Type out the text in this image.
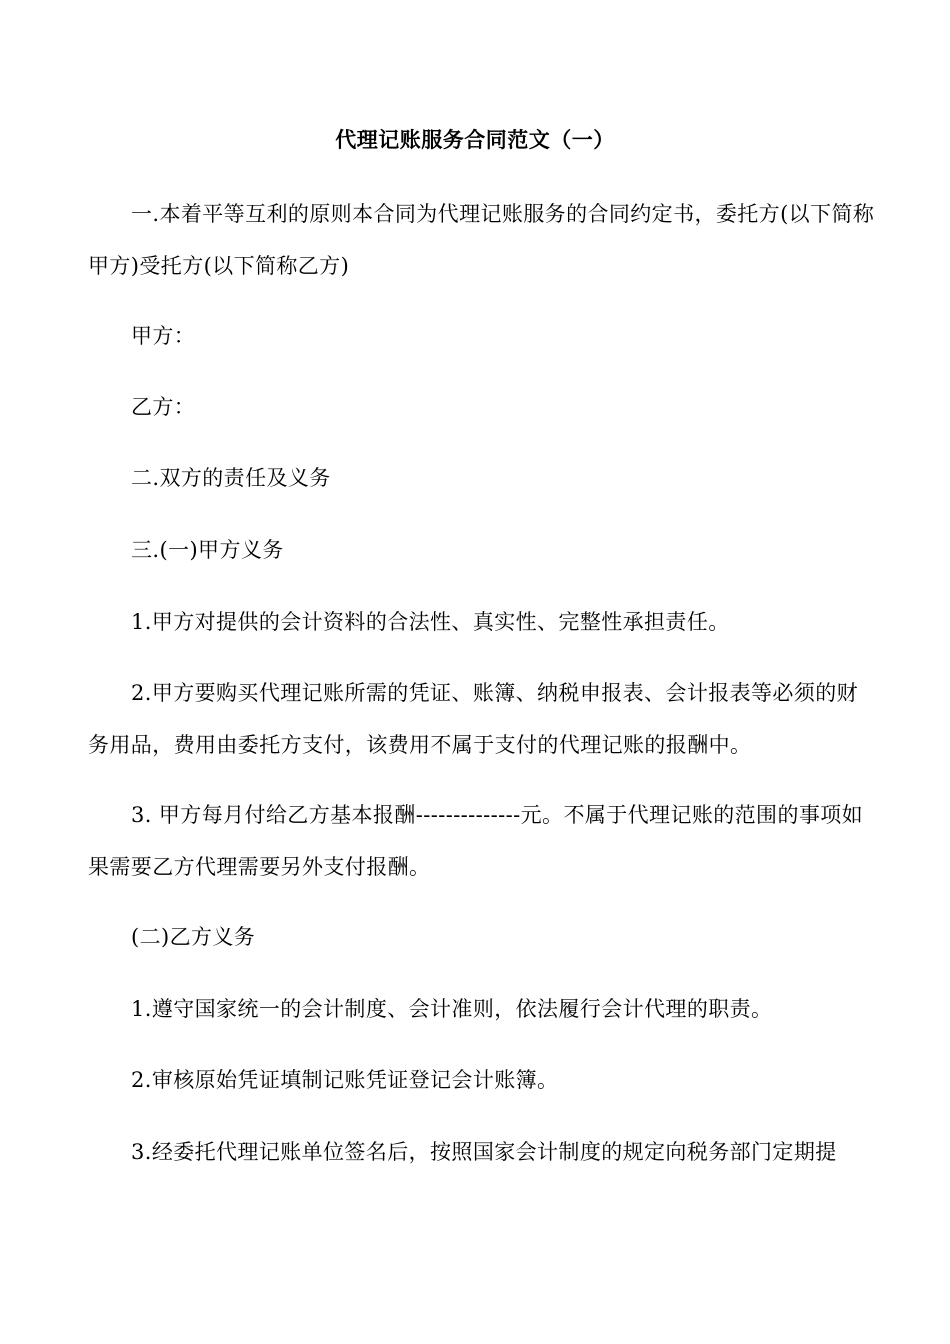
代理记账服务合同范文（一）
一.本着平等互利的原则本合同为代理记账服务的合同约定书，委托方(以下简称甲方)受托方(以下简称乙方)
甲方：
乙方：
二.双方的责任及义务
三.(一)甲方义务
1.甲方对提供的会计资料的合法性、真实性、完整性承担责任。
2.甲方要购买代理记账所需的凭证、账簿、纳税申报表、会计报表等必须的财务用品，费用由委托方支付，该费用不属于支付的代理记账的报酬中。
3. 甲方每月付给乙方基本报酬--------------元。不属于代理记账的范围的事项如果需要乙方代理需要另外支付报酬。
(二)乙方义务
1.遵守国家统一的会计制度、会计准则，依法履行会计代理的职责。
2.审核原始凭证填制记账凭证登记会计账簿。
3.经委托代理记账单位签名后，按照国家会计制度的规定向税务部门定期提
